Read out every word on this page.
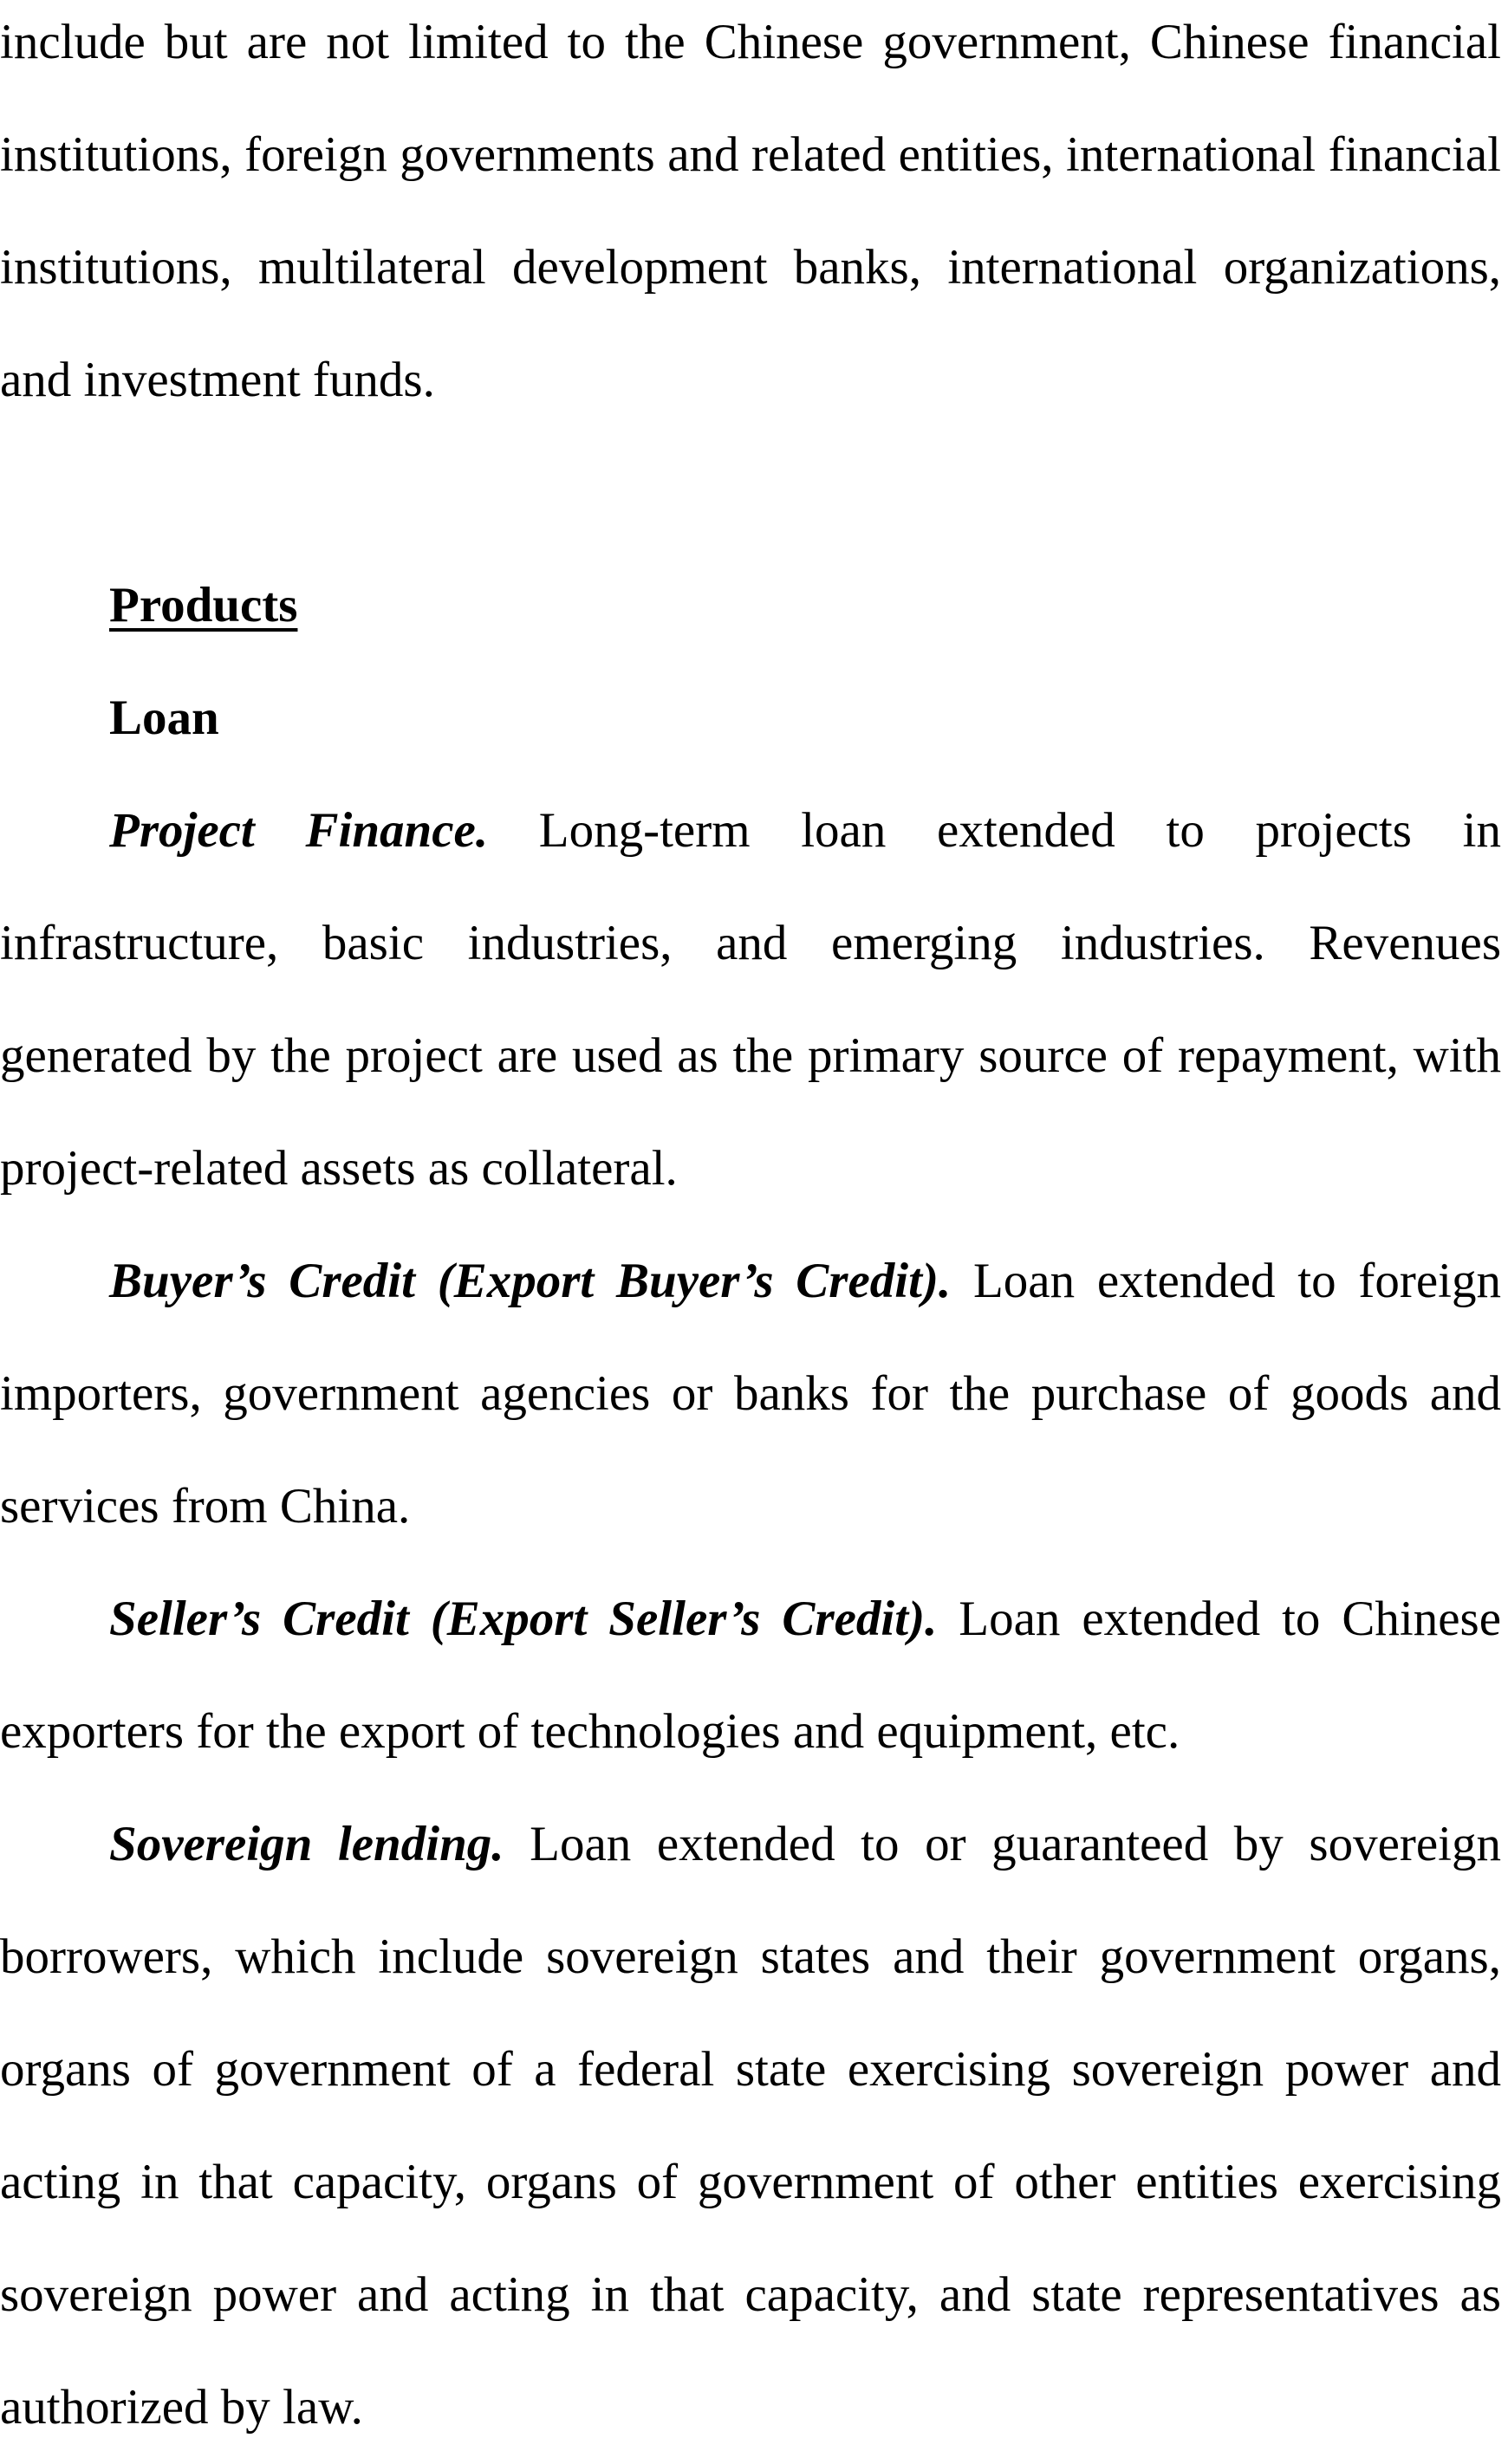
include but are not limited to the Chinese government, Chinese financial institutions, foreign governments and related entities, international financial institutions, multilateral development banks, international organizations, and investment funds.

Products
Loan

Project Finance. Long-term loan extended to projects in infrastructure, basic industries, and emerging industries. Revenues generated by the project are used as the primary source of repayment, with project-related assets as collateral.

Buyer’s Credit (Export Buyer’s Credit). Loan extended to foreign importers, government agencies or banks for the purchase of goods and services from China.

Seller’s Credit (Export Seller’s Credit). Loan extended to Chinese exporters for the export of technologies and equipment, etc.

Sovereign lending. Loan extended to or guaranteed by sovereign borrowers, which include sovereign states and their government organs, organs of government of a federal state exercising sovereign power and acting in that capacity, organs of government of other entities exercising sovereign power and acting in that capacity, and state representatives as authorized by law.
